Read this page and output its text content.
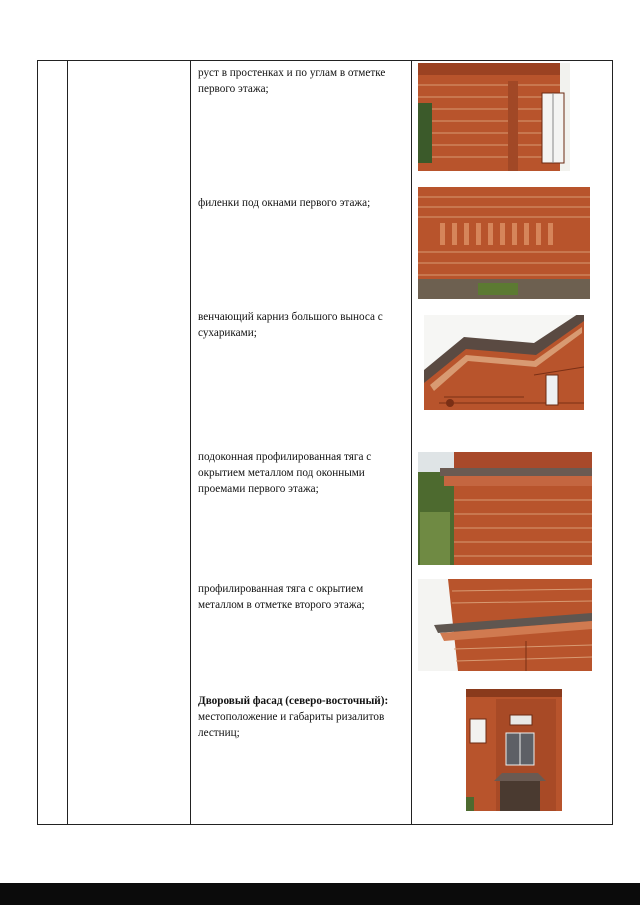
руст в простенках и по углам в отметке первого этажа;
филенки под окнами первого этажа;
венчающий карниз большого выноса с сухариками;
подоконная профилированная тяга с окрытием металлом под оконными проемами первого этажа;
профилированная тяга с окрытием металлом в отметке второго этажа;
Дворовый фасад (северо-восточный):
местоположение и габариты ризалитов лестниц;
